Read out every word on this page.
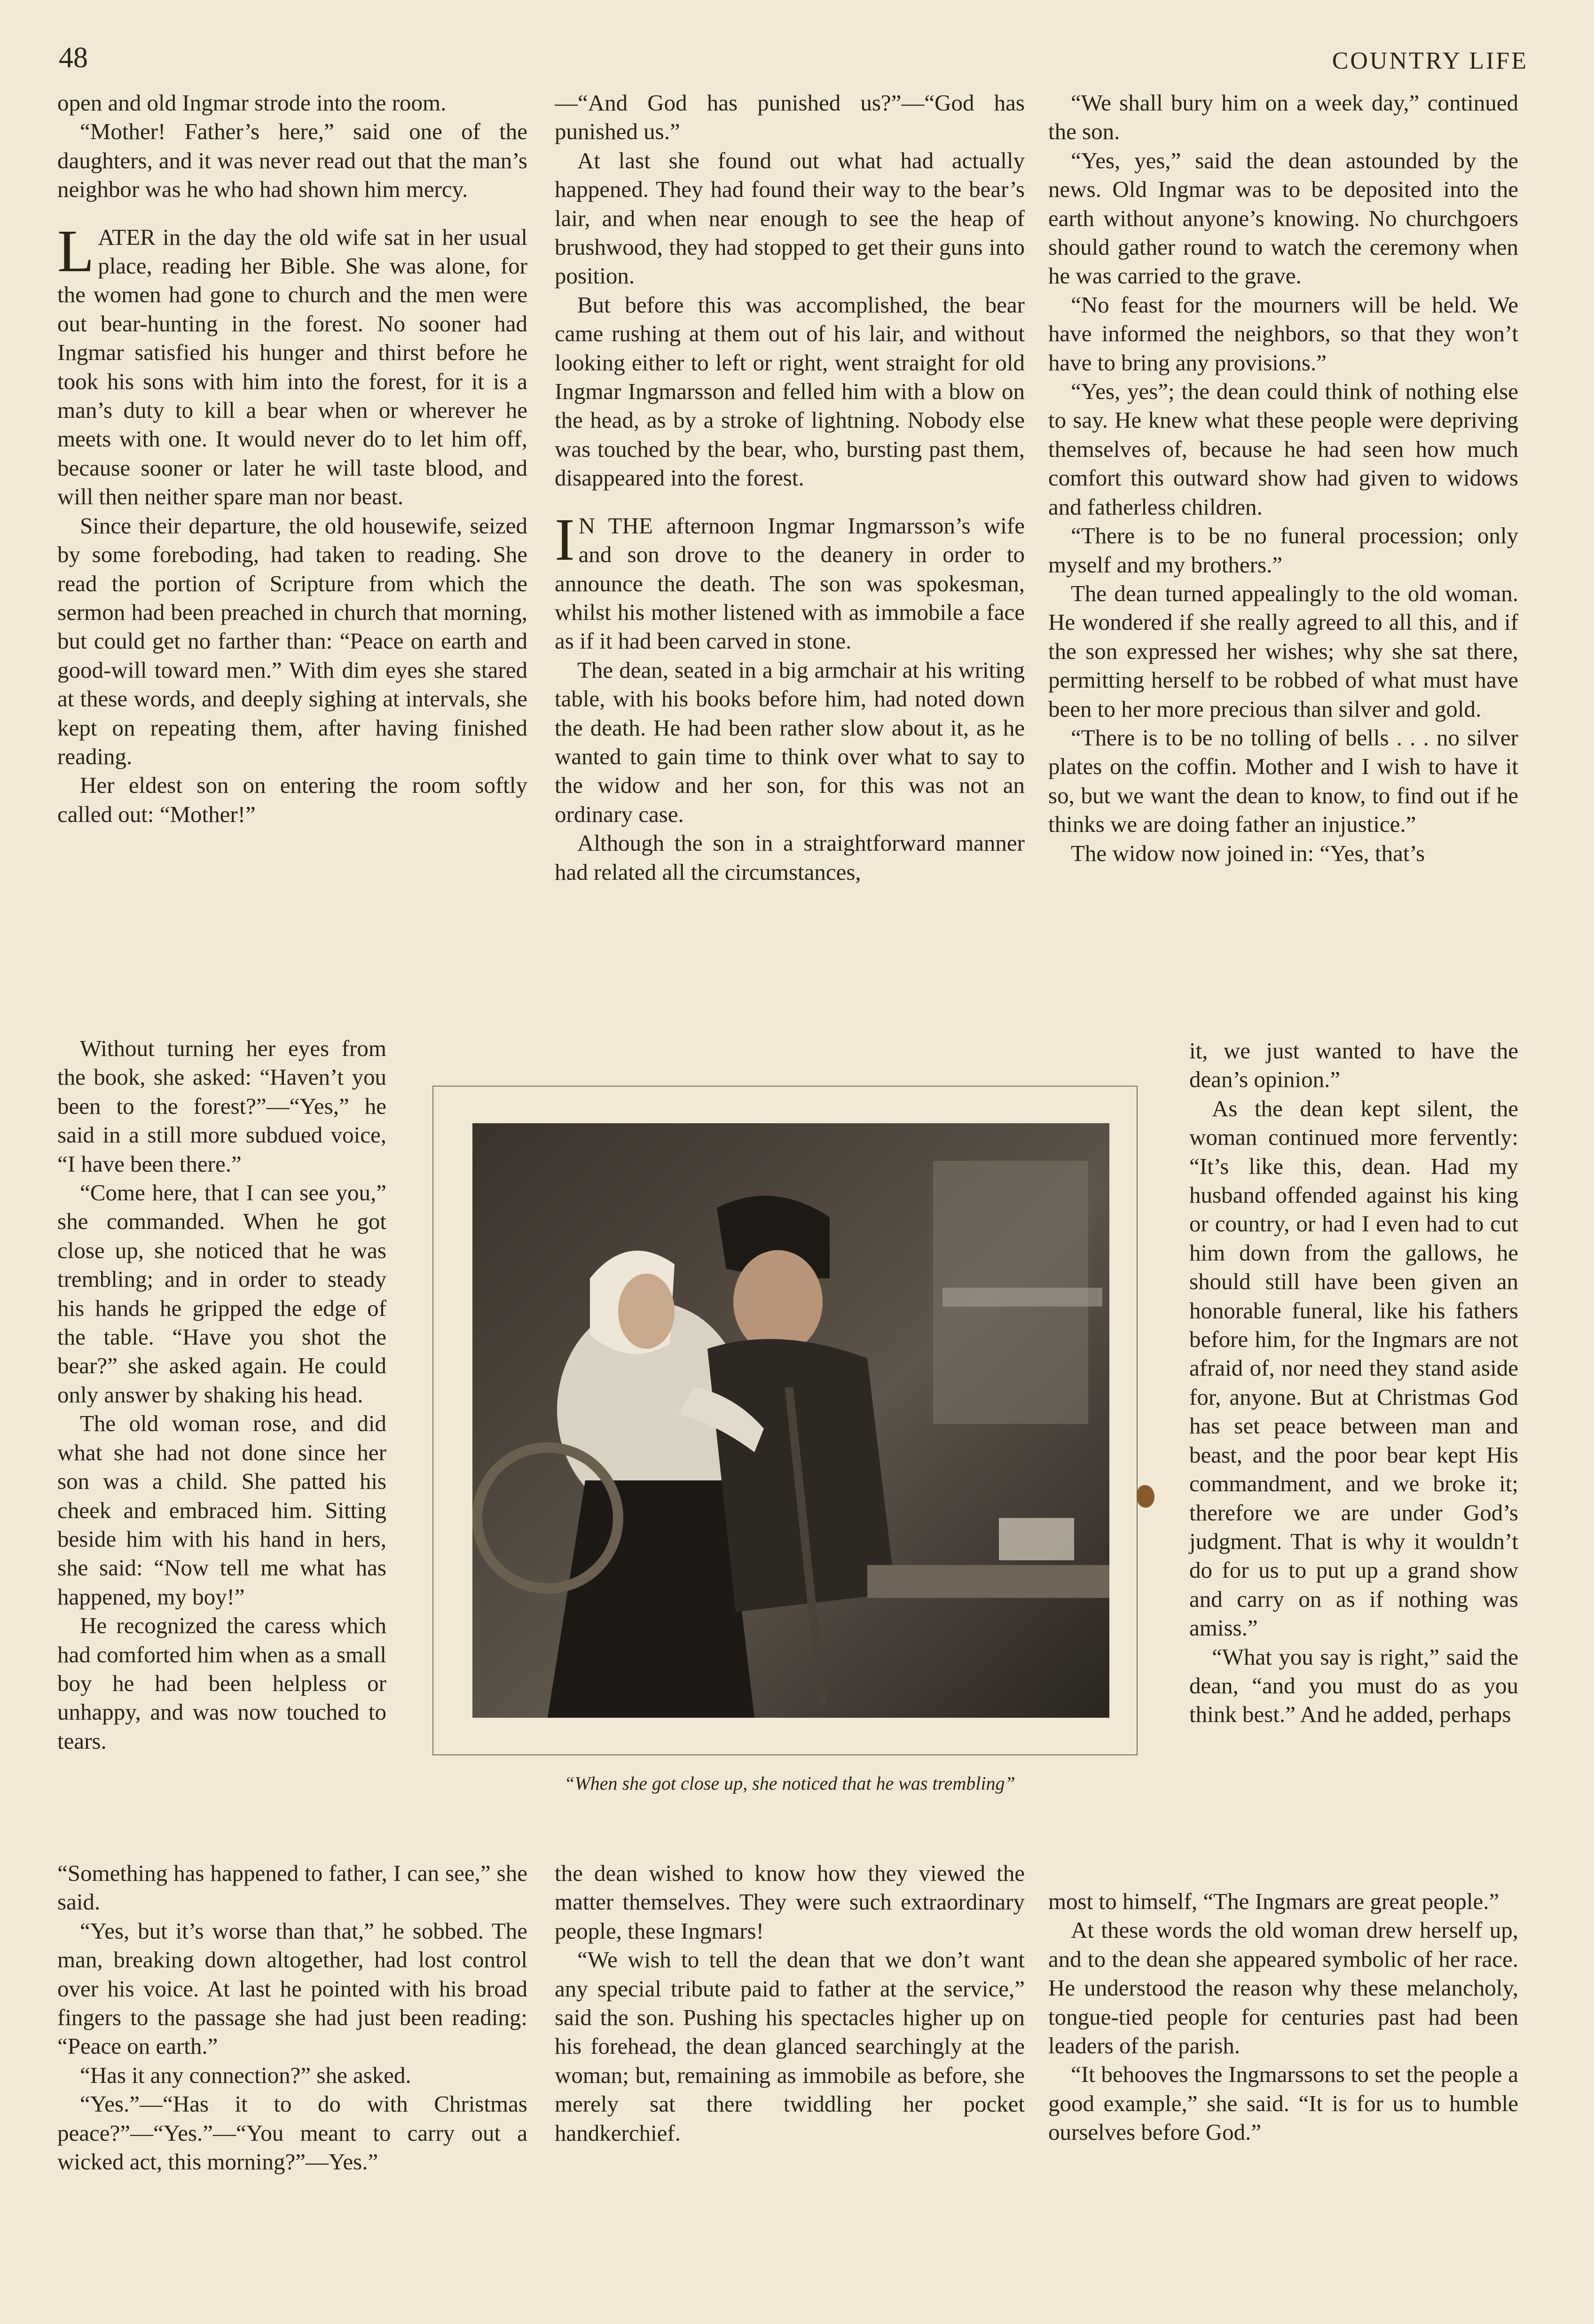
48	COUNTRY LIFE

open and old Ingmar strode into the room.

“Mother! Father’s here,” said one of the daughters, and it was never read out that the man’s neighbor was he who had shown him mercy.

LATER in the day the old wife sat in her usual place, reading her Bible. She was alone, for the women had gone to church and the men were out bear-hunting in the forest. No sooner had Ingmar satisfied his hunger and thirst before he took his sons with him into the forest, for it is a man’s duty to kill a bear when or wherever he meets with one. It would never do to let him off, because sooner or later he will taste blood, and will then neither spare man nor beast.

Since their departure, the old housewife, seized by some foreboding, had taken to reading. She read the portion of Scripture from which the sermon had been preached in church that morning, but could get no farther than: “Peace on earth and good-will toward men.” With dim eyes she stared at these words, and deeply sighing at intervals, she kept on repeating them, after having finished reading.

Her eldest son on entering the room softly called out: “Mother!”

Without turning her eyes from the book, she asked: “Haven’t you been to the forest?”—“Yes,” he said in a still more subdued voice, “I have been there.”

“Come here, that I can see you,” she commanded. When he got close up, she noticed that he was trembling; and in order to steady his hands he gripped the edge of the table. “Have you shot the bear?” she asked again. He could only answer by shaking his head.

The old woman rose, and did what she had not done since her son was a child. She patted his cheek and embraced him. Sitting beside him with his hand in hers, she said: “Now tell me what has happened, my boy!”

He recognized the caress which had comforted him when as a small boy he had been helpless or unhappy, and was now touched to tears.

“Something has happened to father, I can see,” she said.

“Yes, but it’s worse than that,” he sobbed. The man, breaking down altogether, had lost control over his voice. At last he pointed with his broad fingers to the passage she had just been reading: “Peace on earth.”

“Has it any connection?” she asked.

“Yes.”—“Has it to do with Christmas peace?”—“Yes.”—“You meant to carry out a wicked act, this morning?”—Yes.”

—“And God has punished us?”—“God has punished us.”

At last she found out what had actually happened. They had found their way to the bear’s lair, and when near enough to see the heap of brushwood, they had stopped to get their guns into position.

But before this was accomplished, the bear came rushing at them out of his lair, and without looking either to left or right, went straight for old Ingmar Ingmarsson and felled him with a blow on the head, as by a stroke of lightning. Nobody else was touched by the bear, who, bursting past them, disappeared into the forest.

I N THE afternoon Ingmar Ingmarsson’s wife and son drove to the deanery in order to announce the death. The son was spokesman, whilst his mother listened with as immobile a face as if it had been carved in stone.

The dean, seated in a big armchair at his writing table, with his books before him, had noted down the death. He had been rather slow about it, as he wanted to gain time to think over what to say to the widow and her son, for this was not an ordinary case.

Although the son in a straightforward manner had related all the circumstances,

the dean wished to know how they viewed the matter themselves. They were such extraordinary people, these Ingmars!

“We wish to tell the dean that we don’t want any special tribute paid to father at the service,” said the son. Pushing his spectacles higher up on his forehead, the dean glanced searchingly at the woman; but, remaining as immobile as before, she merely sat there twiddling her pocket handkerchief.

“We shall bury him on a week day,” continued the son.

“Yes, yes,” said the dean astounded by the news. Old Ingmar was to be deposited into the earth without anyone’s knowing. No churchgoers should gather round to watch the ceremony when he was carried to the grave.

“No feast for the mourners will be held. We have informed the neighbors, so that they won’t have to bring any provisions.”

“Yes, yes”; the dean could think of nothing else to say. He knew what these people were depriving themselves of, because he had seen how much comfort this outward show had given to widows and fatherless children.

“There is to be no funeral procession; only myself and my brothers.”

The dean turned appealingly to the old woman. He wondered if she really agreed to all this, and if the son expressed her wishes; why she sat there, permitting herself to be robbed of what must have been to her more precious than silver and gold.

“There is to be no tolling of bells . . . no silver plates on the coffin. Mother and I wish to have it so, but we want the dean to know, to find out if he thinks we are doing father an injustice.”

The widow now joined in: “Yes, that’s

it, we just wanted to have the dean’s opinion.”

As the dean kept silent, the woman continued more fervently: “It’s like this, dean. Had my husband offended against his king or country, or had I even had to cut him down from the gallows, he should still have been given an honorable funeral, like his fathers before him, for the Ingmars are not afraid of, nor need they stand aside for, anyone. But at Christmas God has set peace between man and beast, and the poor bear kept His commandment, and we broke it; therefore we are under God’s judgment. That is why it wouldn’t do for us to put up a grand show and carry on as if nothing was amiss.”

“What you say is right,” said the dean, “and you must do as you think best.” And he added, perhaps

most to himself, “The Ingmars are great people.”

At these words the old woman drew herself up, and to the dean she appeared symbolic of her race. He understood the reason why these melancholy, tongue-tied people for centuries past had been leaders of the parish.

“It behooves the Ingmarssons to set the people a good example,” she said. “It is for us to humble ourselves before God.”

“When she got close up, she noticed that he was trembling”
